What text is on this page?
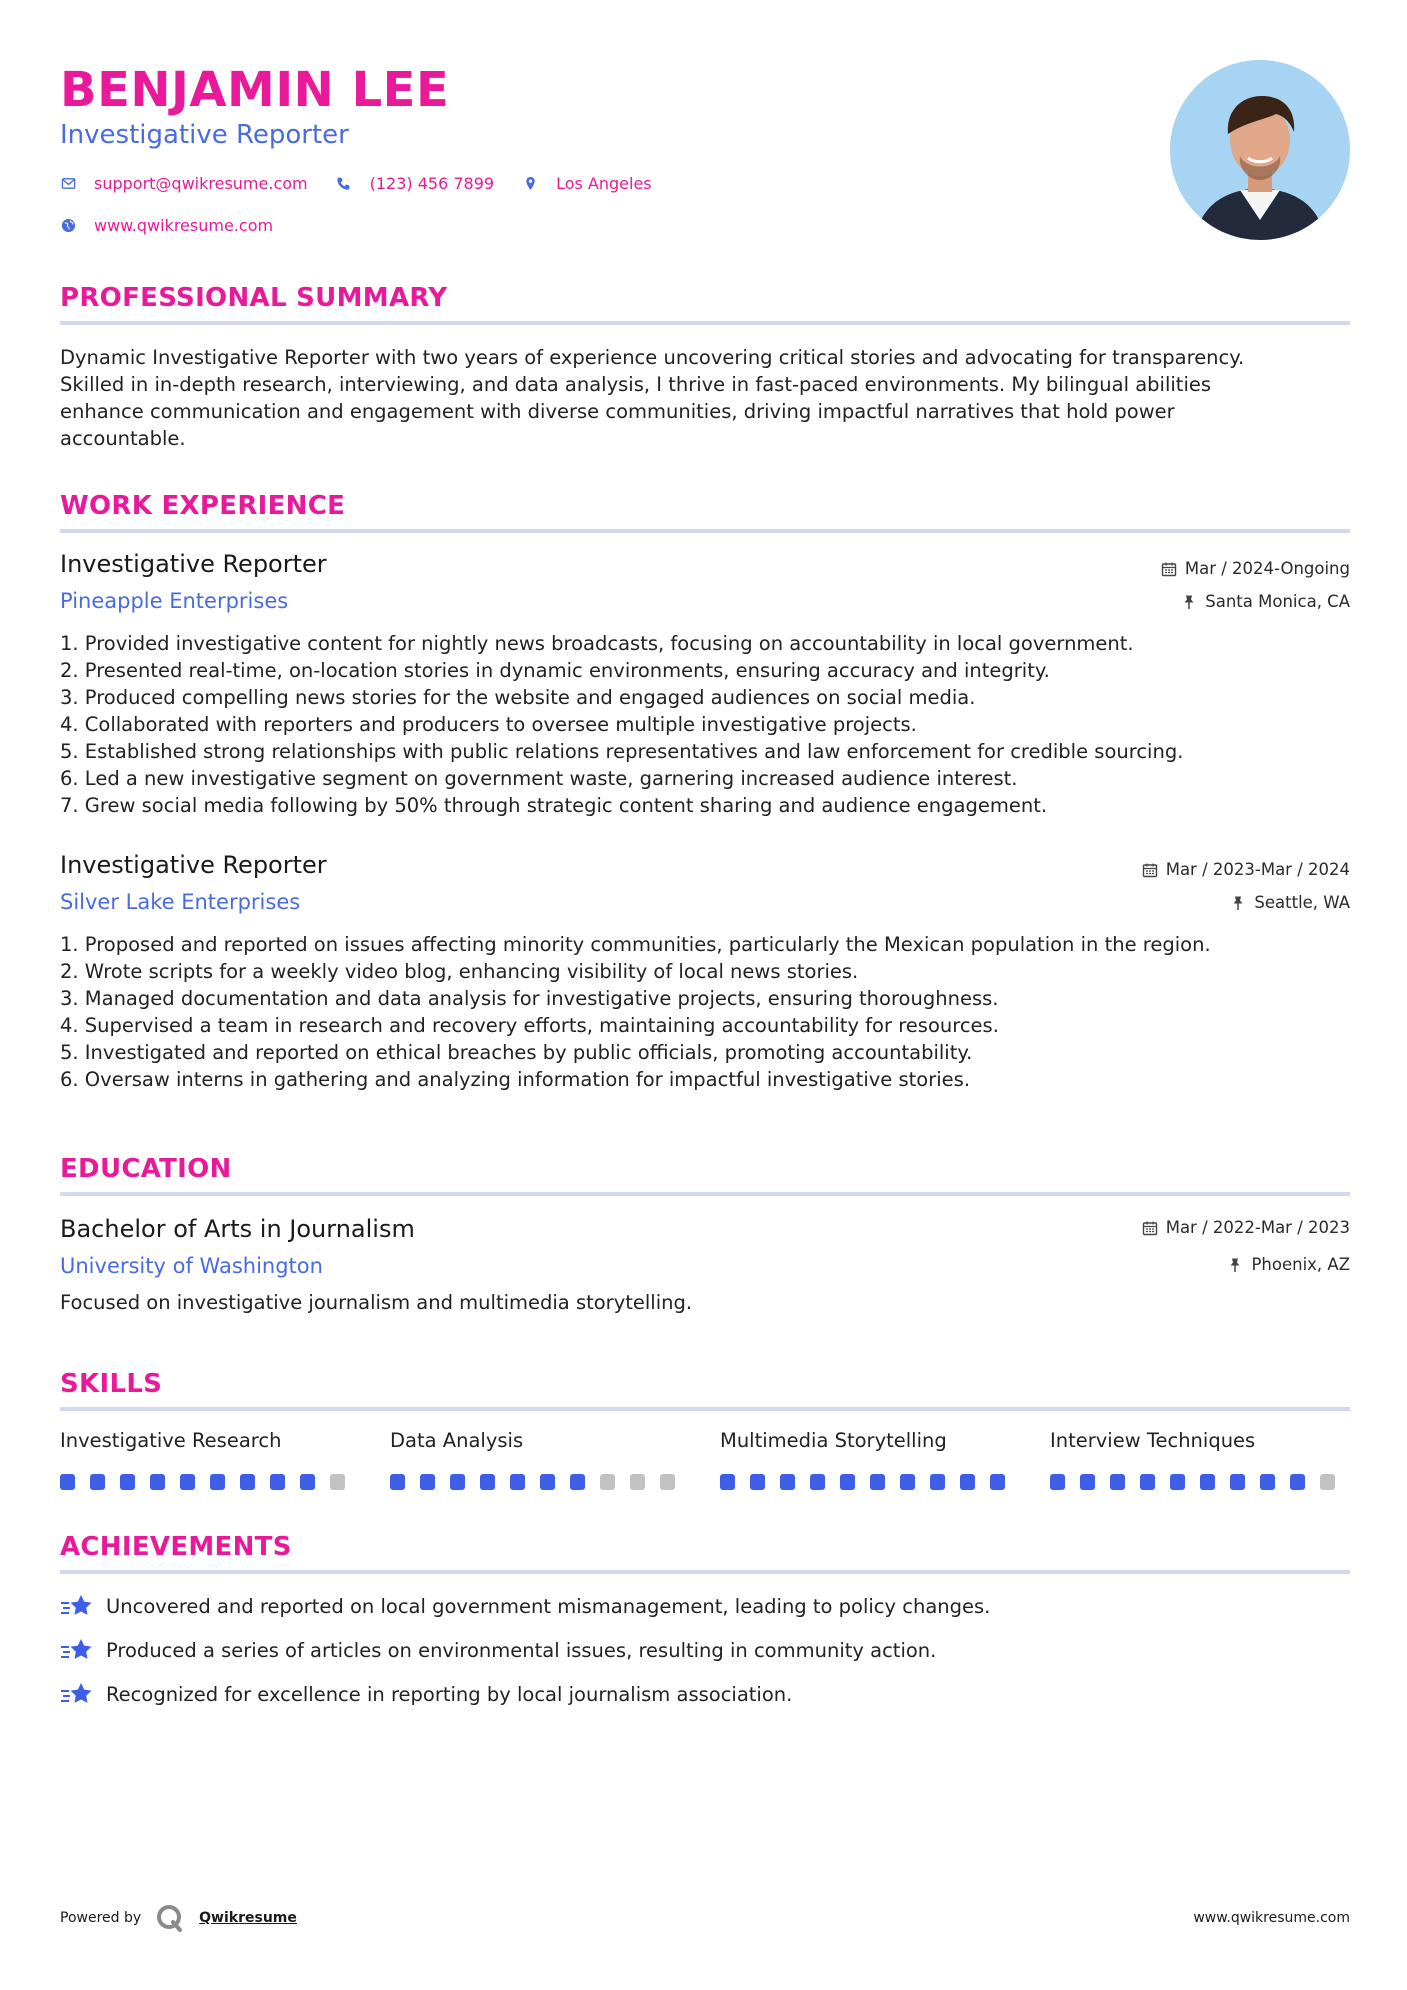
BENJAMIN LEE
Investigative Reporter
support@qwikresume.com	(123) 456 7899	Los Angeles
www.qwikresume.com
PROFESSIONAL SUMMARY
Dynamic Investigative Reporter with two years of experience uncovering critical stories and advocating for transparency.
Skilled in in-depth research, interviewing, and data analysis, I thrive in fast-paced environments. My bilingual abilities
enhance communication and engagement with diverse communities, driving impactful narratives that hold power
accountable.
WORK EXPERIENCE
Investigative Reporter
Pineapple Enterprises
Mar / 2024-Ongoing
Santa Monica, CA
1. Provided investigative content for nightly news broadcasts, focusing on accountability in local government.
2. Presented real-time, on-location stories in dynamic environments, ensuring accuracy and integrity.
3. Produced compelling news stories for the website and engaged audiences on social media.
4. Collaborated with reporters and producers to oversee multiple investigative projects.
5. Established strong relationships with public relations representatives and law enforcement for credible sourcing.
6. Led a new investigative segment on government waste, garnering increased audience interest.
7. Grew social media following by 50% through strategic content sharing and audience engagement.
Investigative Reporter
Silver Lake Enterprises
Mar / 2023-Mar / 2024
Seattle, WA
1. Proposed and reported on issues affecting minority communities, particularly the Mexican population in the region.
2. Wrote scripts for a weekly video blog, enhancing visibility of local news stories.
3. Managed documentation and data analysis for investigative projects, ensuring thoroughness.
4. Supervised a team in research and recovery efforts, maintaining accountability for resources.
5. Investigated and reported on ethical breaches by public officials, promoting accountability.
6. Oversaw interns in gathering and analyzing information for impactful investigative stories.
EDUCATION
Bachelor of Arts in Journalism
University of Washington
Mar / 2022-Mar / 2023
Phoenix, AZ
Focused on investigative journalism and multimedia storytelling.
SKILLS
Investigative Research	Data Analysis	Multimedia Storytelling	Interview Techniques
ACHIEVEMENTS
Uncovered and reported on local government mismanagement, leading to policy changes.
Produced a series of articles on environmental issues, resulting in community action.
Recognized for excellence in reporting by local journalism association.
Powered by	Qwikresume	www.qwikresume.com
